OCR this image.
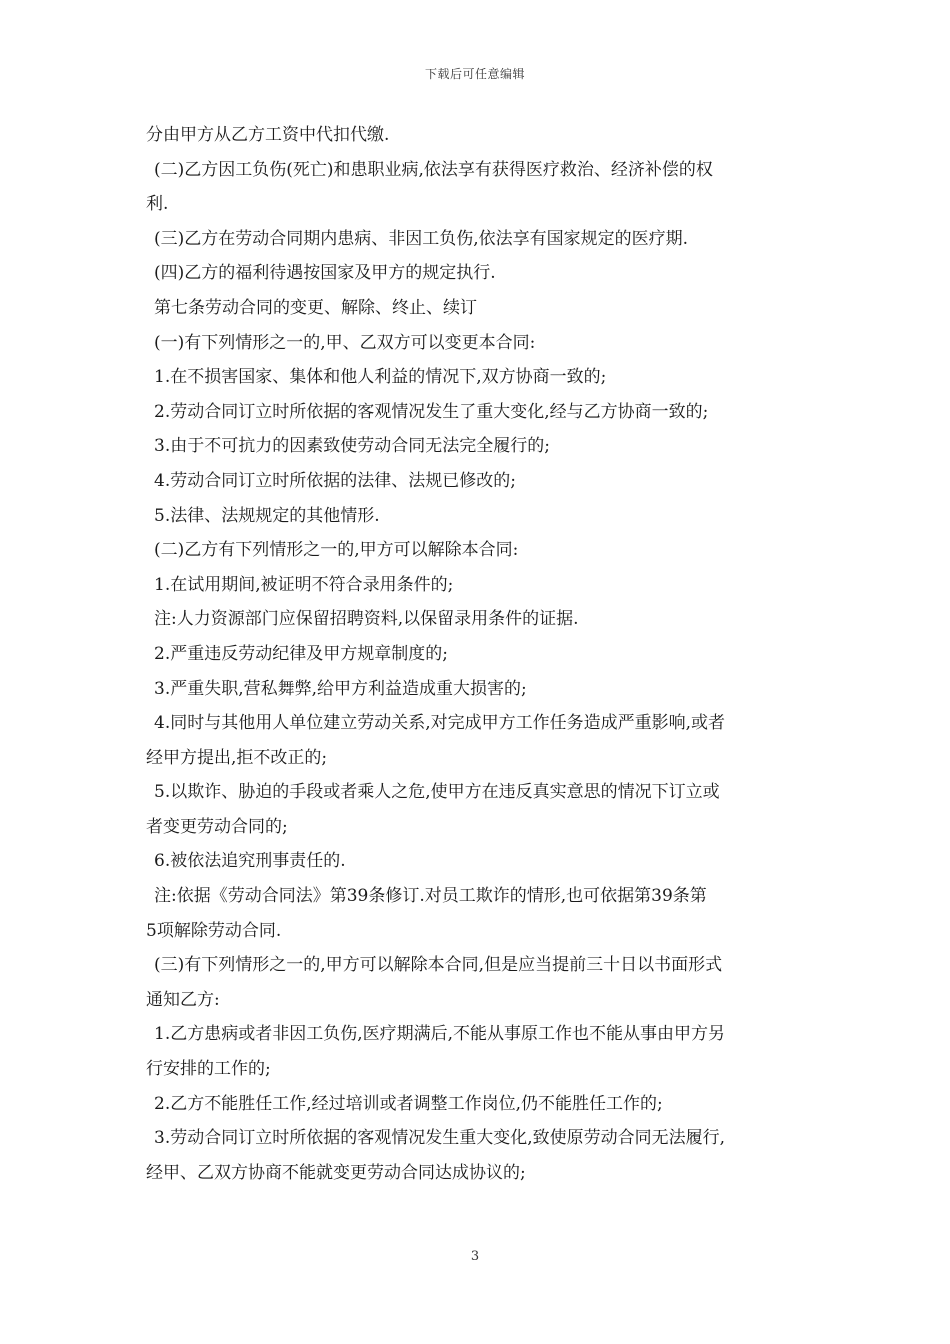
下载后可任意编辑
分由甲方从乙方工资中代扣代缴.
(二)乙方因工负伤(死亡)和患职业病,依法享有获得医疗救治、经济补偿的权
利.
(三)乙方在劳动合同期内患病、非因工负伤,依法享有国家规定的医疗期.
(四)乙方的福利待遇按国家及甲方的规定执行.
第七条劳动合同的变更、解除、终止、续订
(一)有下列情形之一的,甲、乙双方可以变更本合同:
1.在不损害国家、集体和他人利益的情况下,双方协商一致的;
2.劳动合同订立时所依据的客观情况发生了重大变化,经与乙方协商一致的;
3.由于不可抗力的因素致使劳动合同无法完全履行的;
4.劳动合同订立时所依据的法律、法规已修改的;
5.法律、法规规定的其他情形.
(二)乙方有下列情形之一的,甲方可以解除本合同:
1.在试用期间,被证明不符合录用条件的;
注:人力资源部门应保留招聘资料,以保留录用条件的证据.
2.严重违反劳动纪律及甲方规章制度的;
3.严重失职,营私舞弊,给甲方利益造成重大损害的;
4.同时与其他用人单位建立劳动关系,对完成甲方工作任务造成严重影响,或者
经甲方提出,拒不改正的;
5.以欺诈、胁迫的手段或者乘人之危,使甲方在违反真实意思的情况下订立或
者变更劳动合同的;
6.被依法追究刑事责任的.
注:依据《劳动合同法》第39条修订.对员工欺诈的情形,也可依据第39条第
5项解除劳动合同.
(三)有下列情形之一的,甲方可以解除本合同,但是应当提前三十日以书面形式
通知乙方:
1.乙方患病或者非因工负伤,医疗期满后,不能从事原工作也不能从事由甲方另
行安排的工作的;
2.乙方不能胜任工作,经过培训或者调整工作岗位,仍不能胜任工作的;
3.劳动合同订立时所依据的客观情况发生重大变化,致使原劳动合同无法履行,
经甲、乙双方协商不能就变更劳动合同达成协议的;
3
